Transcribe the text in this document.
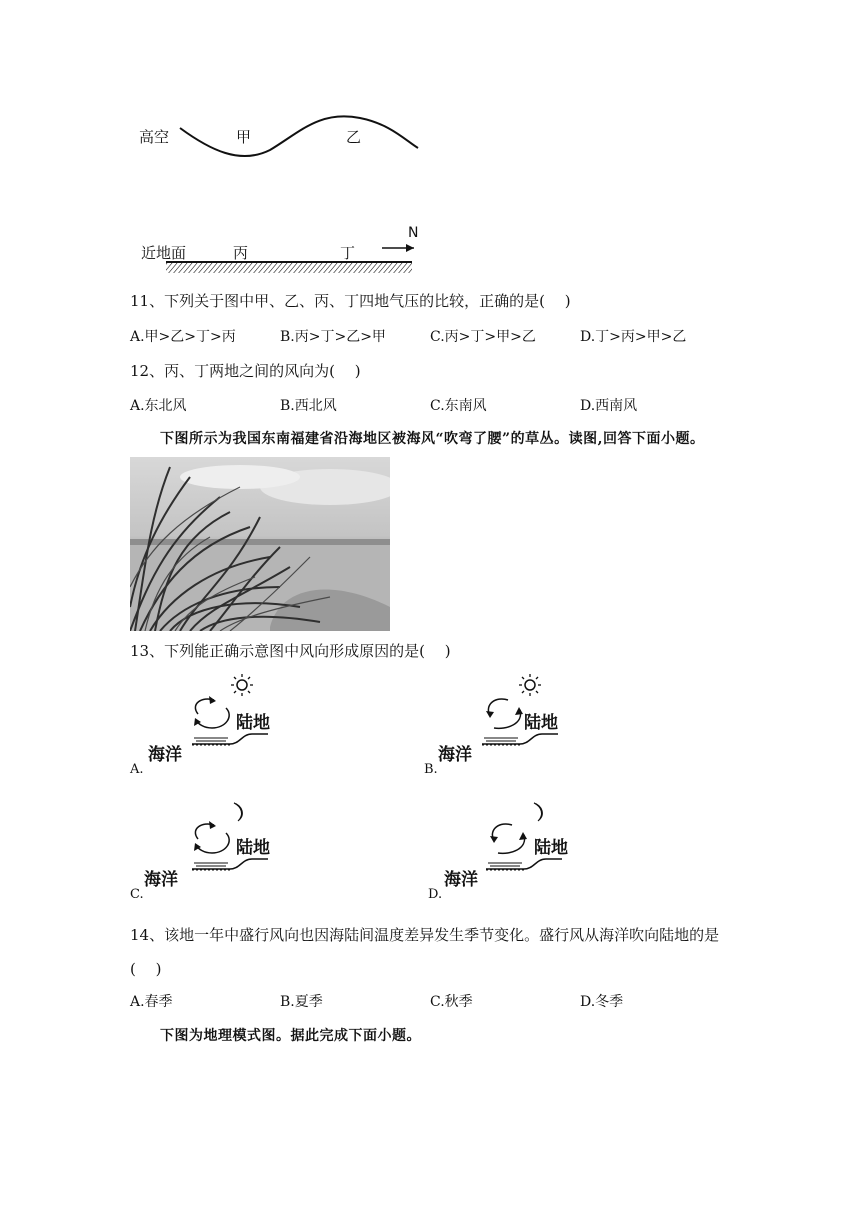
高空	甲	乙
近地面	丙	丁
N
11、下列关于图中甲、乙、丙、丁四地气压的比较，正确的是(　 )
A.甲>乙>丁>丙	B.丙>丁>乙>甲	C.丙>丁>甲>乙	D.丁>丙>甲>乙
12、丙、丁两地之间的风向为(　 )
A.东北风	B.西北风	C.东南风	D.西南风
下图所示为我国东南福建省沿海地区被海风“吹弯了腰”的草丛。读图,回答下面小题。
13、下列能正确示意图中风向形成原因的是(　 )
陆地
海洋
A.
陆地
海洋
B.
陆地
海洋
C.
陆地
海洋
D.
14、该地一年中盛行风向也因海陆间温度差异发生季节变化。盛行风从海洋吹向陆地的是
(　 )
A.春季	B.夏季	C.秋季	D.冬季
下图为地理模式图。据此完成下面小题。
